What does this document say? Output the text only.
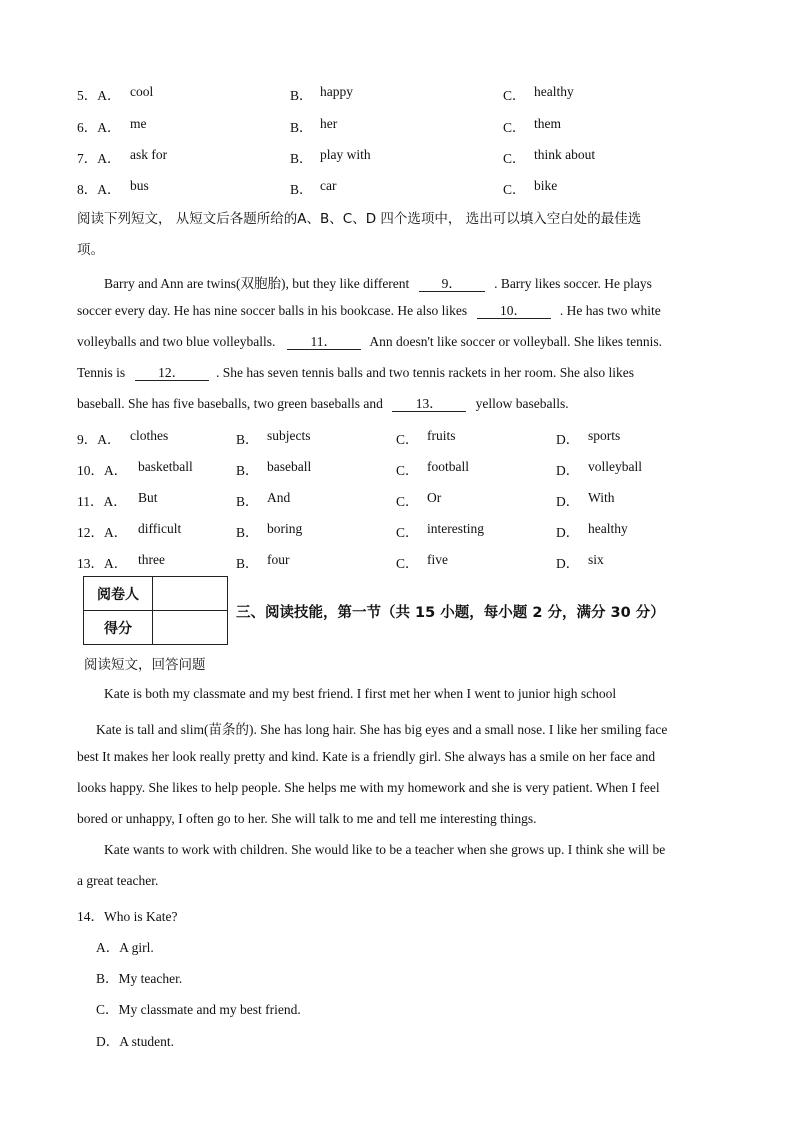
5．A． cool	B． happy	C． healthy
6．A． me	B． her	C． them
7．A． ask for	B． play with	C． think about
8．A． bus	B． car	C． bike
阅读下列短文， 从短文后各题所给的A、B、C、D 四个选项中， 选出可以填入空白处的最佳选
项。
Barry and Ann are twins(双胞胎), but they like different 9． . Barry likes soccer. He plays
soccer every day. He has nine soccer balls in his bookcase. He also likes 10． . He has two white
volleyballs and two blue volleyballs.	11． Ann doesn't like soccer or volleyball. She likes tennis.
Tennis is 12． . She has seven tennis balls and two tennis rackets in her room. She also likes
baseball. She has five baseballs, two green baseballs and 13． yellow baseballs.
9．A． clothes	B． subjects	C． fruits	D． sports
10．A． basketball	B． baseball	C． football	D． volleyball
11．A． But	B． And	C． Or	D． With
12．A． difficult	B． boring	C． interesting	D． healthy
13．A． three	B． four	C． five	D． six
阅卷人	
得分	
三、阅读技能，第一节（共 15 小题，每小题 2 分，满分 30 分）
阅读短文，回答问题
Kate is both my classmate and my best friend. I first met her when I went to junior high school
Kate is tall and slim(苗条的). She has long hair. She has big eyes and a small nose. I like her smiling face
best It makes her look really pretty and kind. Kate is a friendly girl. She always has a smile on her face and
looks happy. She likes to help people. She helps me with my homework and she is very patient. When I feel
bored or unhappy, I often go to her. She will talk to me and tell me interesting things.
Kate wants to work with children. She would like to be a teacher when she grows up. I think she will be
a great teacher.
14．Who is Kate?
A．A girl.
B．My teacher.
C．My classmate and my best friend.
D．A student.
